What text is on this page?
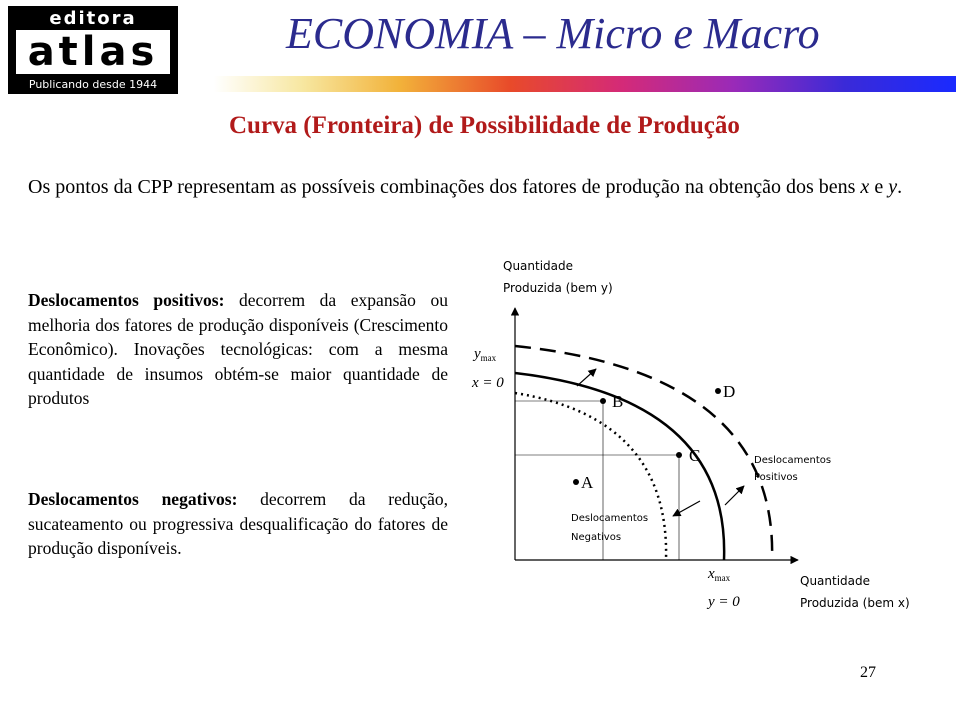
editora
atlas
Publicando desde 1944
ECONOMIA – Micro e Macro
Curva (Fronteira) de Possibilidade de Produção
Os pontos da CPP representam as possíveis combinações dos fatores de produção na obtenção dos bens x e y.
Deslocamentos positivos: decorrem da expansão ou melhoria dos fatores de produção disponíveis (Crescimento Econômico). Inovações tecnológicas: com a mesma quantidade de insumos obtém-se maior quantidade de produtos
Deslocamentos negativos: decorrem da redução, sucateamento ou progressiva desqualificação do fatores de produção disponíveis.
Quantidade
Produzida (bem y)
Quantidade
Produzida (bem x)
$y_{max}$
x = 0
$x_{max}$
y = 0
B
C
A
D
Deslocamentos
Positivos
Deslocamentos
Negativos
27
